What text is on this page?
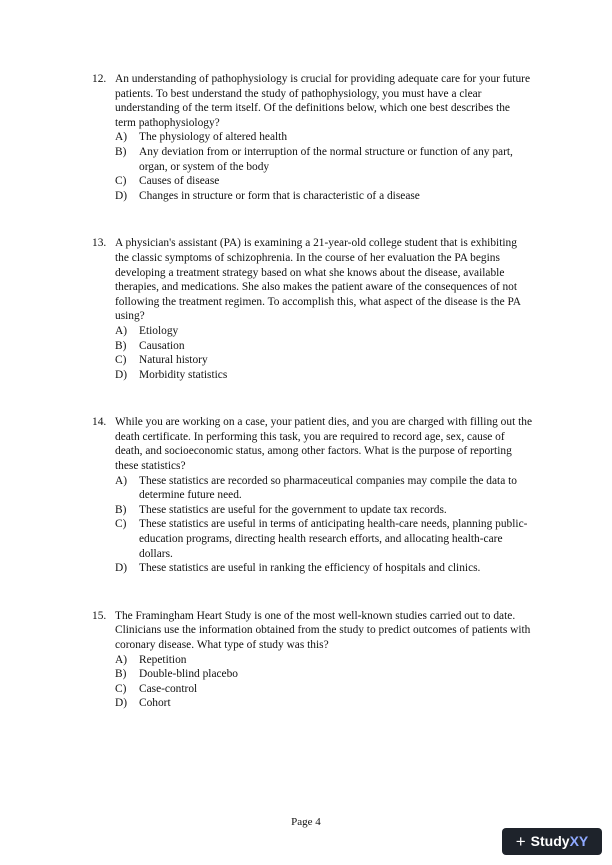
12. An understanding of pathophysiology is crucial for providing adequate care for your future patients. To best understand the study of pathophysiology, you must have a clear understanding of the term itself. Of the definitions below, which one best describes the term pathophysiology?
A) The physiology of altered health
B) Any deviation from or interruption of the normal structure or function of any part, organ, or system of the body
C) Causes of disease
D) Changes in structure or form that is characteristic of a disease
13. A physician's assistant (PA) is examining a 21-year-old college student that is exhibiting the classic symptoms of schizophrenia. In the course of her evaluation the PA begins developing a treatment strategy based on what she knows about the disease, available therapies, and medications. She also makes the patient aware of the consequences of not following the treatment regimen. To accomplish this, what aspect of the disease is the PA using?
A) Etiology
B) Causation
C) Natural history
D) Morbidity statistics
14. While you are working on a case, your patient dies, and you are charged with filling out the death certificate. In performing this task, you are required to record age, sex, cause of death, and socioeconomic status, among other factors. What is the purpose of reporting these statistics?
A) These statistics are recorded so pharmaceutical companies may compile the data to determine future need.
B) These statistics are useful for the government to update tax records.
C) These statistics are useful in terms of anticipating health-care needs, planning public-education programs, directing health research efforts, and allocating health-care dollars.
D) These statistics are useful in ranking the efficiency of hospitals and clinics.
15. The Framingham Heart Study is one of the most well-known studies carried out to date. Clinicians use the information obtained from the study to predict outcomes of patients with coronary disease. What type of study was this?
A) Repetition
B) Double-blind placebo
C) Case-control
D) Cohort
Page 4
+ StudyXY
